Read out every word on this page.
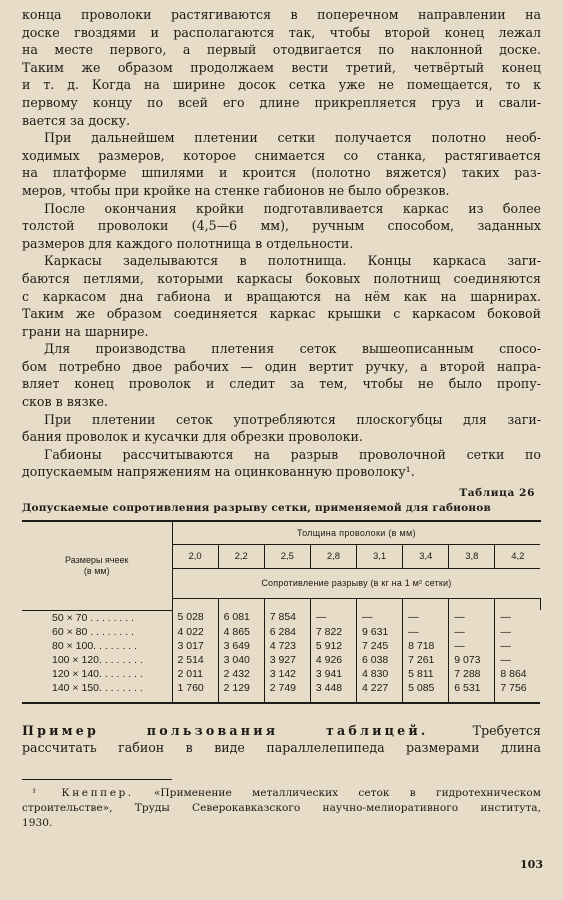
конца проволоки растягиваются в поперечном направлении на
доске гвоздями и располагаются так, чтобы второй конец лежал
на месте первого, а первый отодвигается по наклонной доске.
Таким же образом продолжаем вести третий, четвёртый конец
и т. д. Когда на ширине досок сетка уже не помещается, то к
первому концу по всей его длине прикрепляется груз и свали-
вается за доску.
При дальнейшем плетении сетки получается полотно необ-
ходимых размеров, которое снимается со станка, растягивается
на платформе шпилями и кроится (полотно вяжется) таких раз-
меров, чтобы при кройке на стенке габионов не было обрезков.
После окончания кройки подготавливается каркас из более
толстой проволоки (4,5—6 мм), ручным способом, заданных
размеров для каждого полотнища в отдельности.
Каркасы заделываются в полотнища. Концы каркаса заги-
баются петлями, которыми каркасы боковых полотнищ соединяются
с каркасом дна габиона и вращаются на нём как на шарнирах.
Таким же образом соединяется каркас крышки с каркасом боковой
грани на шарнире.
Для производства плетения сеток вышеописанным спосо-
бом потребно двое рабочих — один вертит ручку, а второй напра-
вляет конец проволок и следит за тем, чтобы не было пропу-
сков в вязке.
При плетении сеток употребляются плоскогубцы для заги-
бания проволок и кусачки для обрезки проволоки.
Габионы рассчитываются на разрыв проволочной сетки по
допускаемым напряжениям на оцинкованную проволоку¹.
Таблица 26
Допускаемые сопротивления разрыву сетки, применяемой для габионов
Размеры ячеек
(в мм)	Толщина проволоки (в мм)								
	2,0	2,2	2,5	2,8	3,1	3,4	3,8	4,2	
	Сопротивление разрыву (в кг на 1 м² сетки)								

50 × 70 . . . . . . . .	5 028	6 081	7 854	—	—	—	—	—	
60 × 80 . . . . . . . .	4 022	4 865	6 284	7 822	9 631	—	—	—	
80 × 100. . . . . . . .	3 017	3 649	4 723	5 912	7 245	8 718	—	—	
100 × 120. . . . . . . .	2 514	3 040	3 927	4 926	6 038	7 261	9 073	—	
120 × 140. . . . . . . .	2 011	2 432	3 142	3 941	4 830	5 811	7 288	8 864	
140 × 150. . . . . . . .	1 760	2 129	2 749	3 448	4 227	5 085	6 531	7 756	

Пример пользования таблицей.	Требуется
рассчитать габион в виде параллелепипеда размерами длина
¹ Кнеппер. «Применение металлических сеток в гидротехническом
строительстве», Труды Северокавказского научно-мелиоративного института,
1930.
103
